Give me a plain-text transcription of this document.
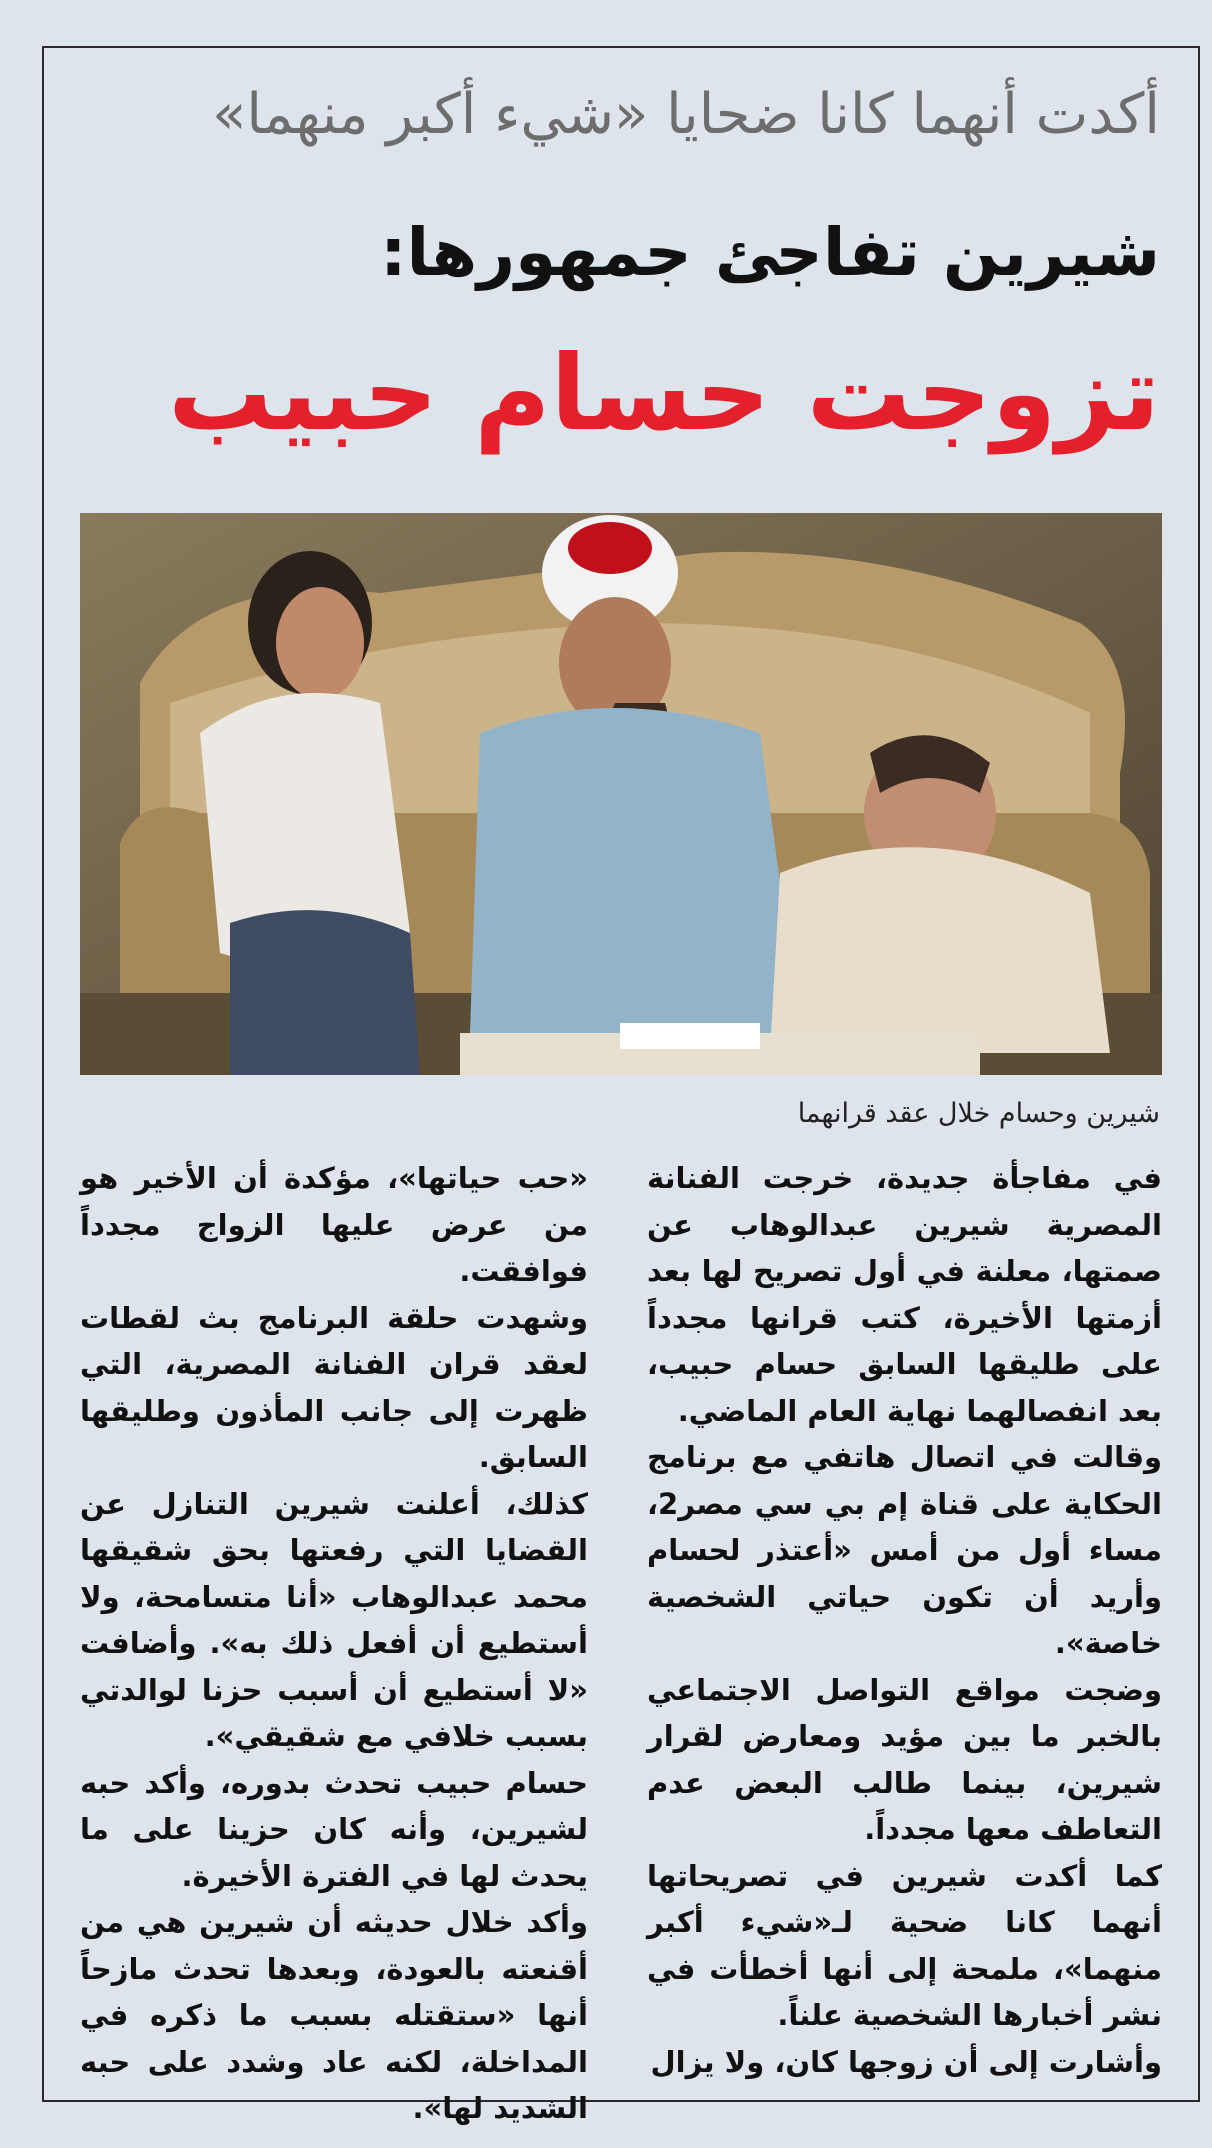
أكدت أنهما كانا ضحايا «شيء أكبر منهما»
شيرين تفاجئ جمهورها:
تزوجت حسام حبيب
شيرين وحسام خلال عقد قرانهما

في مفاجأة جديدة، خرجت الفنانة المصرية شيرين عبدالوهاب عن صمتها، معلنة في أول تصريح لها بعد أزمتها الأخيرة، كتب قرانها مجدداً على طليقها السابق حسام حبيب، بعد انفصالهما نهاية العام الماضي.

وقالت في اتصال هاتفي مع برنامج الحكاية على قناة إم بي سي مصر2، مساء أول من أمس «أعتذر لحسام وأريد أن تكون حياتي الشخصية خاصة».

وضجت مواقع التواصل الاجتماعي بالخبر ما بين مؤيد ومعارض لقرار شيرين، بينما طالب البعض عدم التعاطف معها مجدداً.

كما أكدت شيرين في تصريحاتها أنهما كانا ضحية لـ«شيء أكبر منهما»، ملمحة إلى أنها أخطأت في نشر أخبارها الشخصية علناً.

وأشارت إلى أن زوجها كان، ولا يزال

«حب حياتها»، مؤكدة أن الأخير هو من عرض عليها الزواج مجدداً فوافقت.

وشهدت حلقة البرنامج بث لقطات لعقد قران الفنانة المصرية، التي ظهرت إلى جانب المأذون وطليقها السابق.

كذلك، أعلنت شيرين التنازل عن القضايا التي رفعتها بحق شقيقها محمد عبدالوهاب «أنا متسامحة، ولا أستطيع أن أفعل ذلك به». وأضافت «لا أستطيع أن أسبب حزنا لوالدتي بسبب خلافي مع شقيقي».

حسام حبيب تحدث بدوره، وأكد حبه لشيرين، وأنه كان حزينا على ما يحدث لها في الفترة الأخيرة.

وأكد خلال حديثه أن شيرين هي من أقنعته بالعودة، وبعدها تحدث مازحاً أنها «ستقتله بسبب ما ذكره في المداخلة، لكنه عاد وشدد على حبه الشديد لها».
